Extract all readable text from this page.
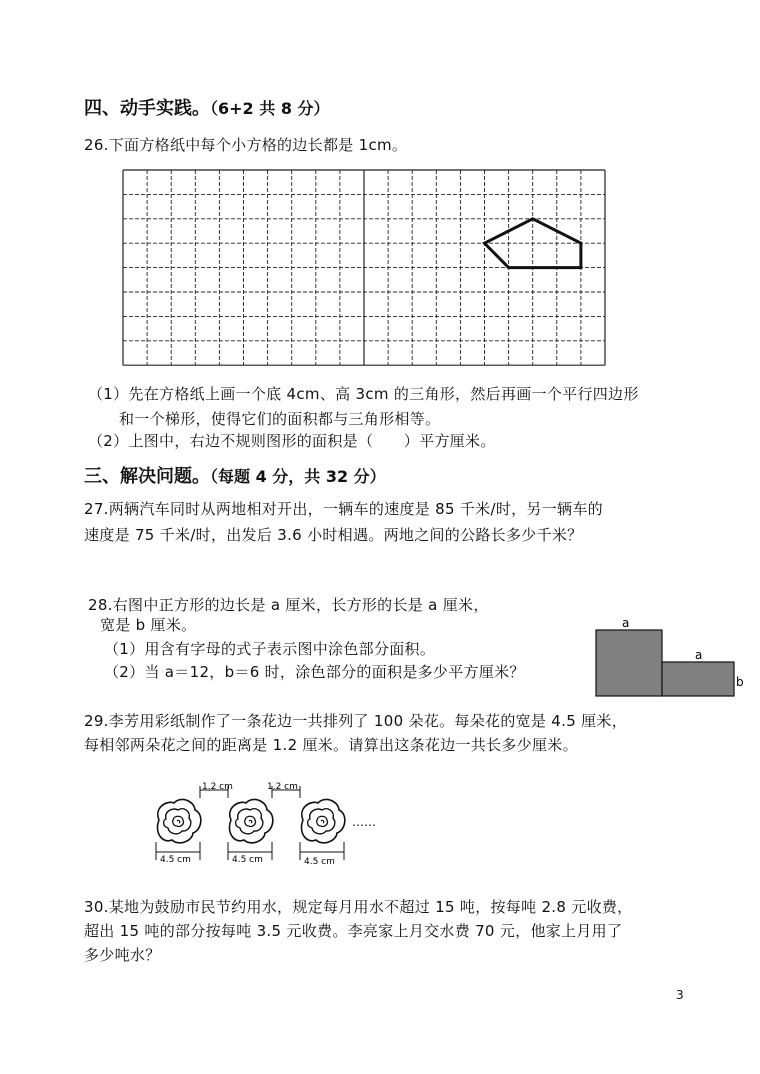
四、动手实践。（6+2 共 8 分）
26.下面方格纸中每个小方格的边长都是 1cm。
（1）先在方格纸上画一个底 4cm、高 3cm 的三角形，然后再画一个平行四边形
和一个梯形，使得它们的面积都与三角形相等。
（2）上图中，右边不规则图形的面积是（　　）平方厘米。
三、解决问题。（每题 4 分，共 32 分）
27.两辆汽车同时从两地相对开出，一辆车的速度是 85 千米/时，另一辆车的
速度是 75 千米/时，出发后 3.6 小时相遇。两地之间的公路长多少千米？
28.右图中正方形的边长是 a 厘米，长方形的长是 a 厘米，
宽是 b 厘米。
（1）用含有字母的式子表示图中涂色部分面积。
（2）当 a＝12，b＝6 时，涂色部分的面积是多少平方厘米？
a
a
b
29.李芳用彩纸制作了一条花边一共排列了 100 朵花。每朵花的宽是 4.5 厘米，
每相邻两朵花之间的距离是 1.2 厘米。请算出这条花边一共长多少厘米。
1.2 cm	1.2 cm
4.5 cm	4.5 cm	4.5 cm
……
30.某地为鼓励市民节约用水，规定每月用水不超过 15 吨，按每吨 2.8 元收费，
超出 15 吨的部分按每吨 3.5 元收费。李亮家上月交水费 70 元，他家上月用了
多少吨水？
3
